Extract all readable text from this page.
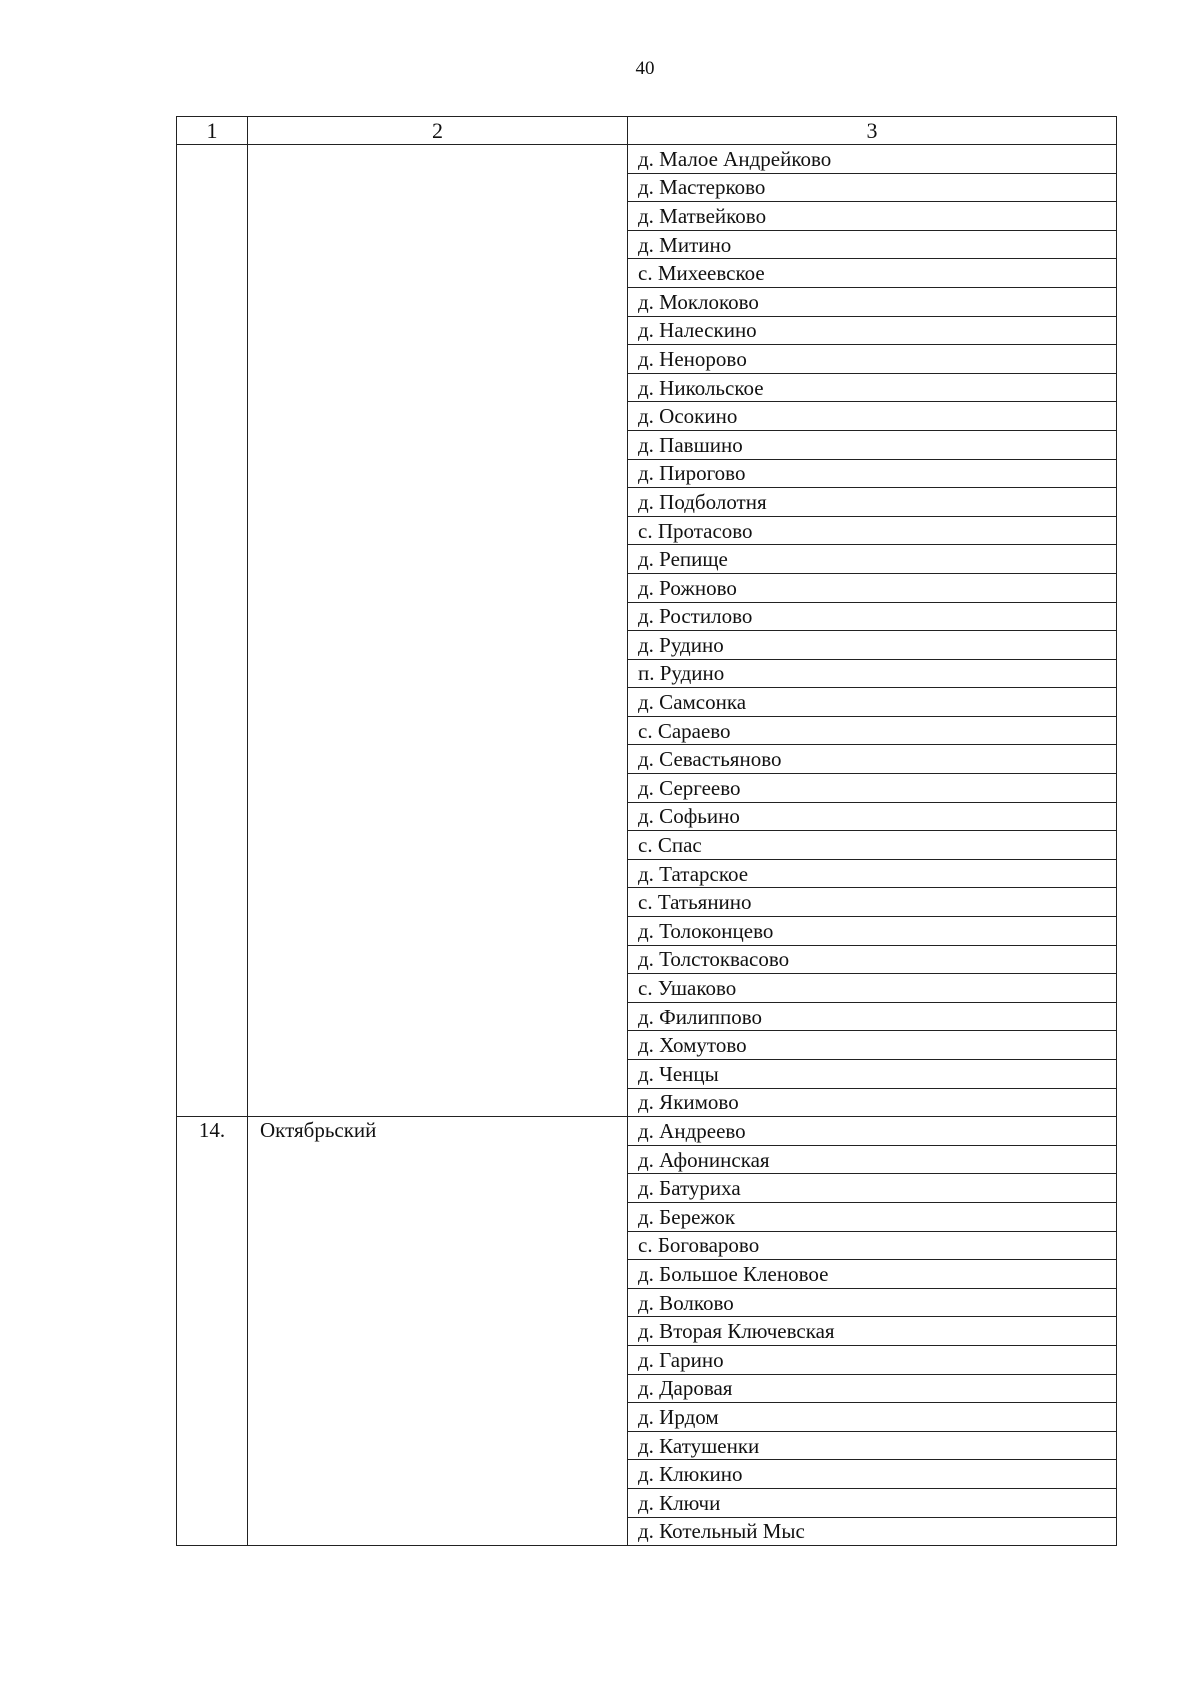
40
1	2	3
		д. Малое Андрейково
		д. Мастерково
		д. Матвейково
		д. Митино
		с. Михеевское
		д. Моклоково
		д. Налескино
		д. Неноровo
		д. Никольское
		д. Осокино
		д. Павшино
		д. Пирогово
		д. Подболотня
		с. Протасово
		д. Репище
		д. Рожново
		д. Ростилово
		д. Рудино
		п. Рудино
		д. Самсонка
		с. Сараево
		д. Севастьяново
		д. Сергеево
		д. Софьино
		с. Спас
		д. Татарское
		с. Татьянино
		д. Толоконцево
		д. Толстоквасово
		с. Ушаково
		д. Филиппово
		д. Хомутово
		д. Ченцы
		д. Якимово
14.	Октябрьский	д. Андреево
		д. Афонинская
		д. Батуриха
		д. Бережок
		с. Боговарово
		д. Большое Кленовое
		д. Волково
		д. Вторая Ключевская
		д. Гарино
		д. Даровая
		д. Ирдом
		д. Катушенки
		д. Клюкино
		д. Ключи
		д. Котельный Мыс
